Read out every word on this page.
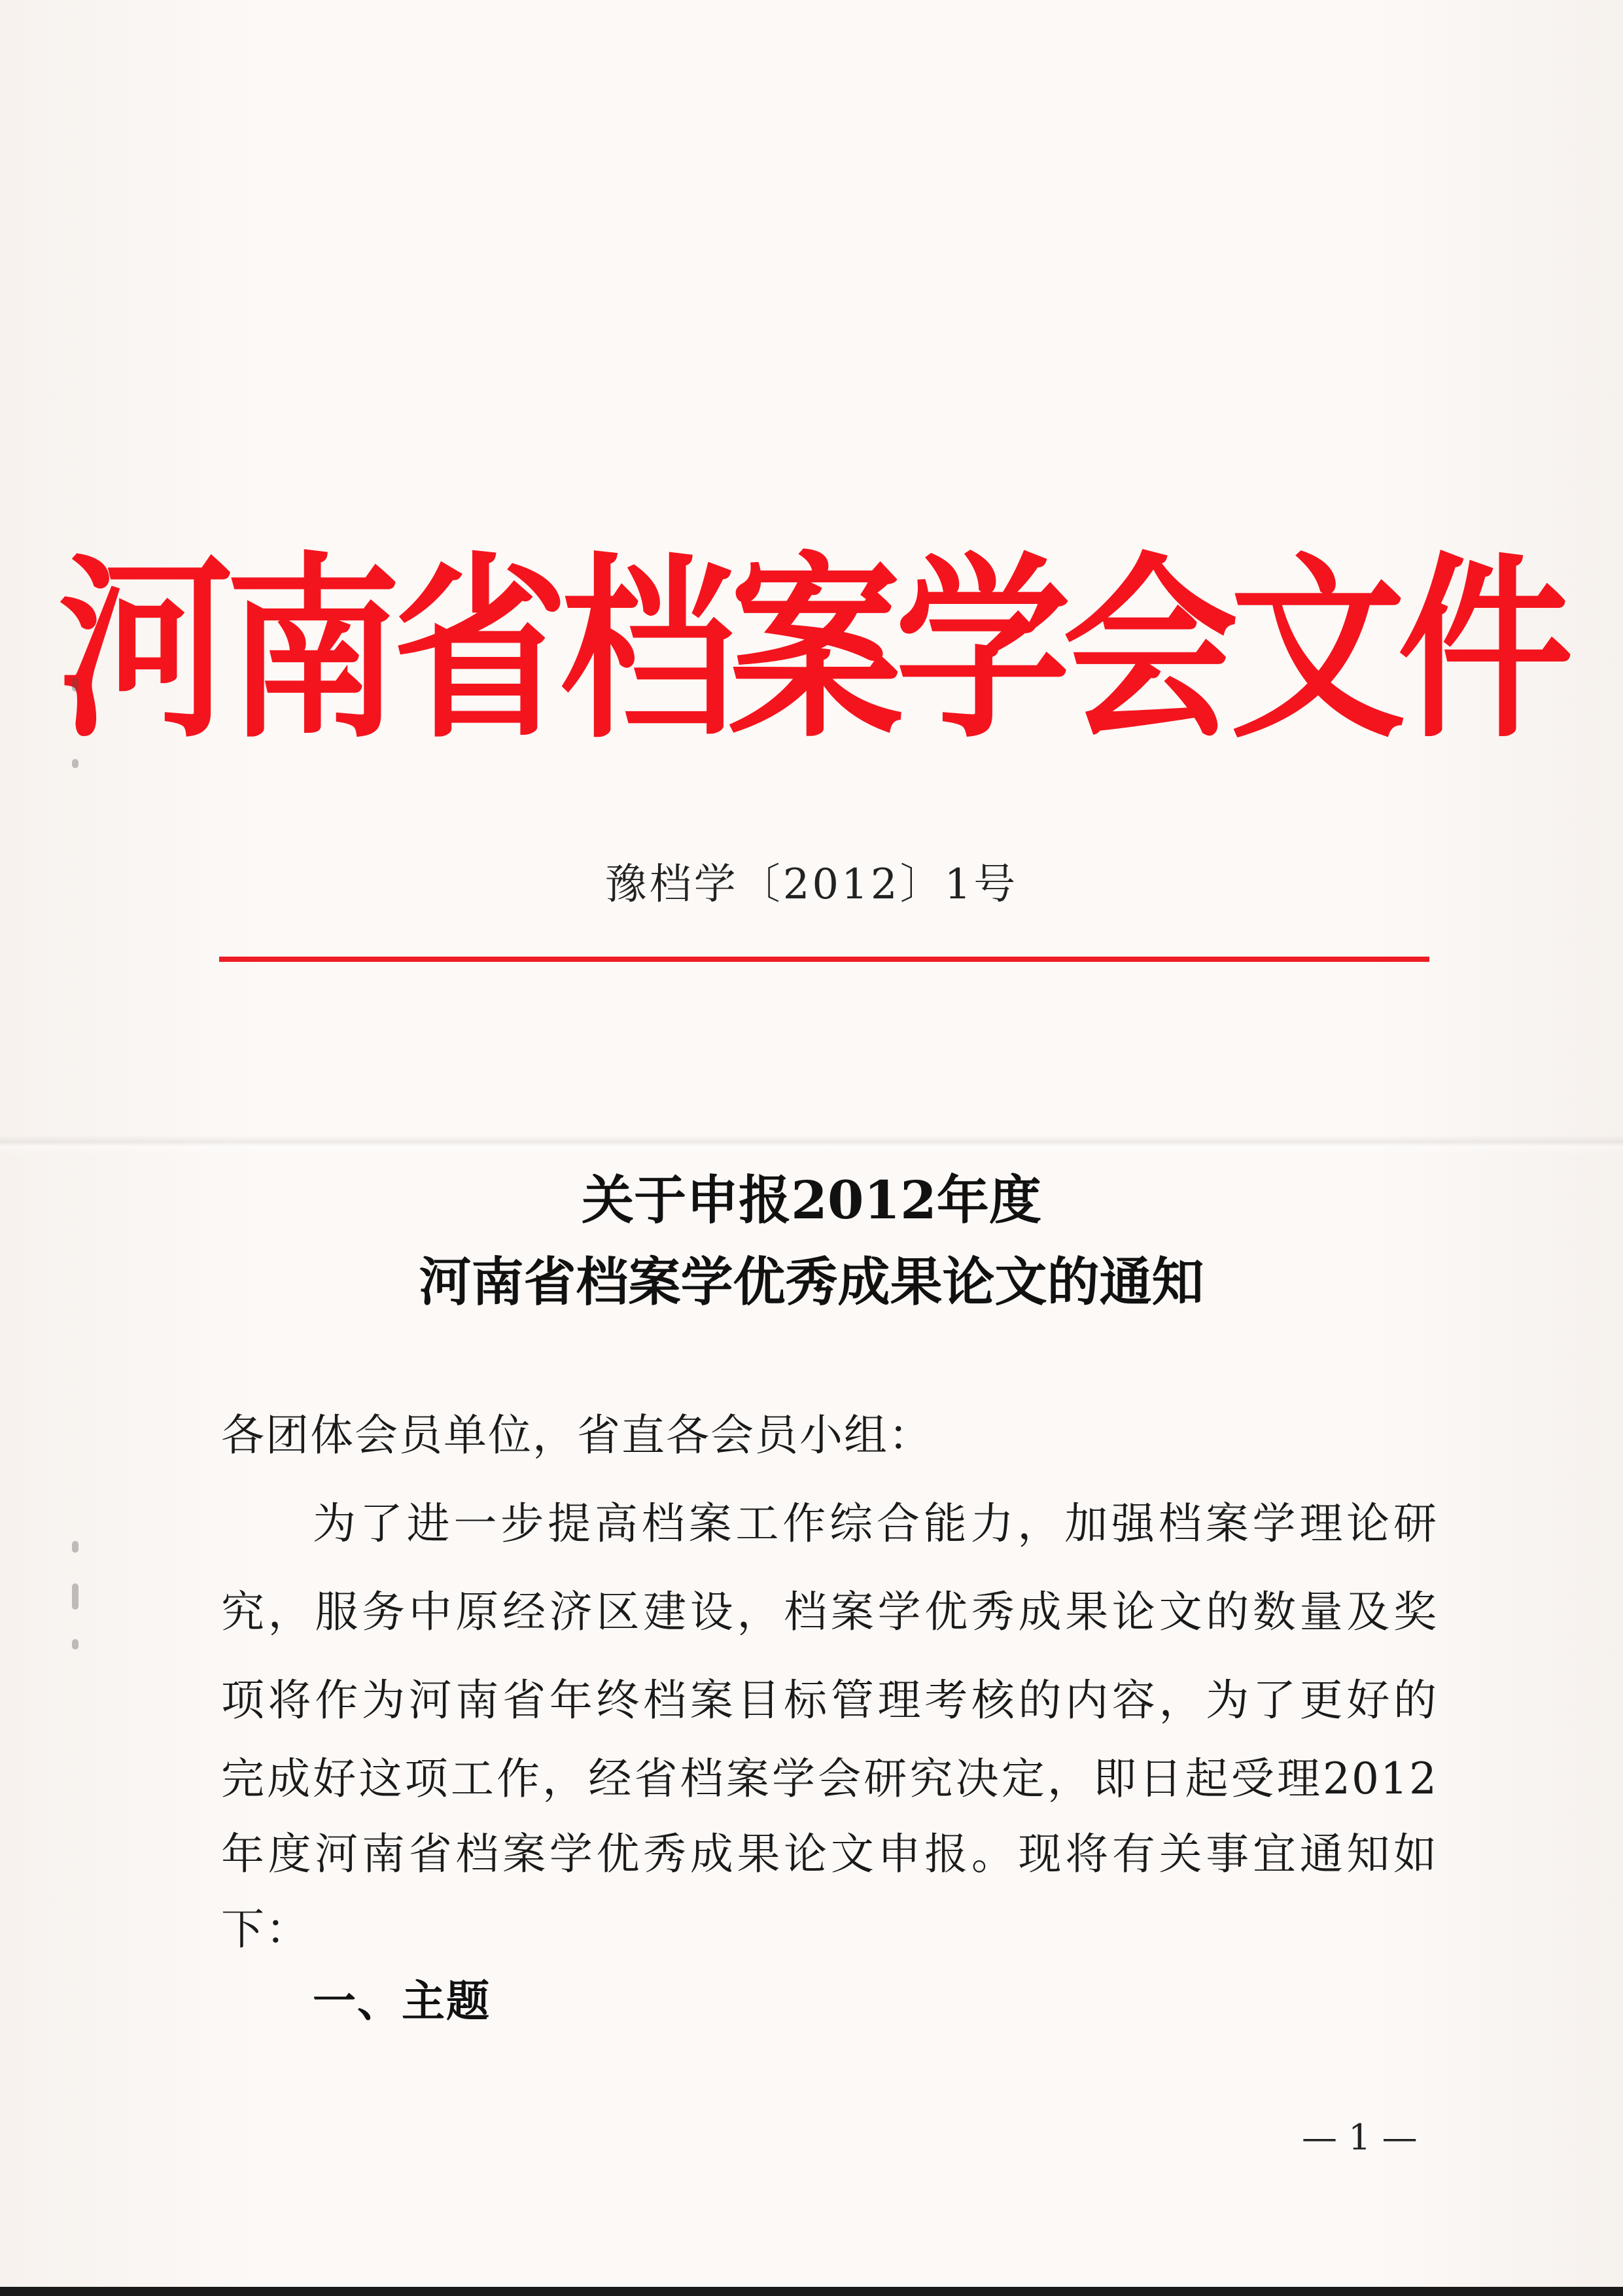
河南省档案学会文件
豫档学〔2012〕1号
关于申报2012年度
河南省档案学优秀成果论文的通知
各团体会员单位，省直各会员小组：
为了进一步提高档案工作综合能力，加强档案学理论研
究，服务中原经济区建设，档案学优秀成果论文的数量及奖
项将作为河南省年终档案目标管理考核的内容，为了更好的
完成好这项工作，经省档案学会研究决定，即日起受理2012
年度河南省档案学优秀成果论文申报。现将有关事宜通知如
下：
一、主题
— 1 —
